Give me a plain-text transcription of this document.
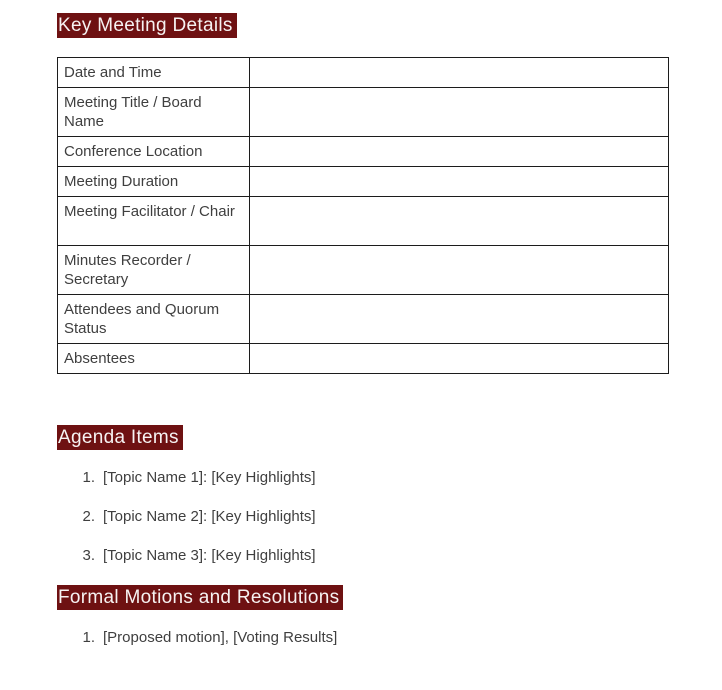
Key Meeting Details
Date and Time	
Meeting Title / Board Name	
Conference Location	
Meeting Duration	
Meeting Facilitator / Chair	
Minutes Recorder / Secretary	
Attendees and Quorum Status	
Absentees	
Agenda Items
1. [Topic Name 1]: [Key Highlights]
2. [Topic Name 2]: [Key Highlights]
3. [Topic Name 3]: [Key Highlights]
Formal Motions and Resolutions
1. [Proposed motion], [Voting Results]
